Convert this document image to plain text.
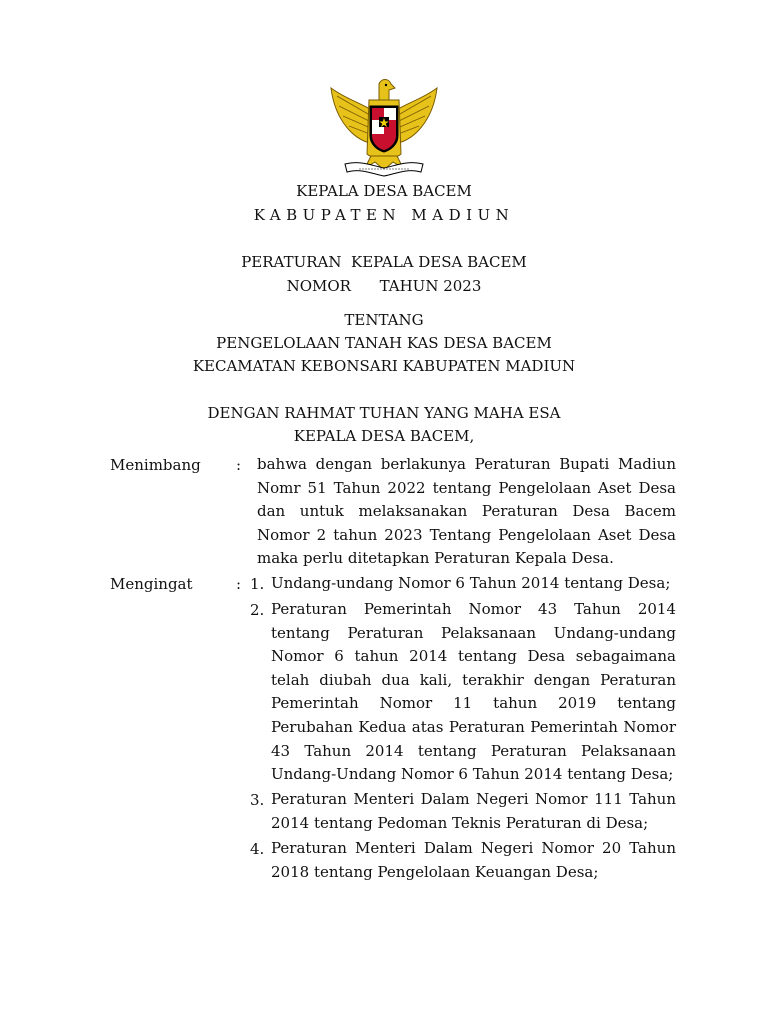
KEPALA DESA BACEM
KABUPATEN MADIUN
PERATURAN  KEPALA DESA BACEM
NOMOR      TAHUN 2023
TENTANG
PENGELOLAAN TANAH KAS DESA BACEM
KECAMATAN KEBONSARI KABUPATEN MADIUN
DENGAN RAHMAT TUHAN YANG MAHA ESA
KEPALA DESA BACEM,
Menimbang : bahwa dengan berlakunya Peraturan Bupati Madiun Nomr 51 Tahun 2022 tentang Pengelolaan Aset Desa dan untuk melaksanakan Peraturan Desa Bacem Nomor 2 tahun 2023 Tentang Pengelolaan Aset Desa maka perlu ditetapkan Peraturan Kepala Desa.
Mengingat	: 1. Undang-undang Nomor 6 Tahun 2014 tentang Desa;
2. Peraturan Pemerintah Nomor 43 Tahun 2014 tentang Peraturan Pelaksanaan Undang-undang Nomor 6 tahun 2014 tentang Desa sebagaimana telah diubah dua kali, terakhir dengan Peraturan Pemerintah Nomor 11 tahun 2019 tentang Perubahan Kedua atas Peraturan Pemerintah Nomor 43 Tahun 2014 tentang Peraturan Pelaksanaan Undang-Undang Nomor 6 Tahun 2014 tentang Desa;
3. Peraturan Menteri Dalam Negeri Nomor 111 Tahun 2014 tentang Pedoman Teknis Peraturan di Desa;
4. Peraturan Menteri Dalam Negeri Nomor 20 Tahun 2018 tentang Pengelolaan Keuangan Desa;
